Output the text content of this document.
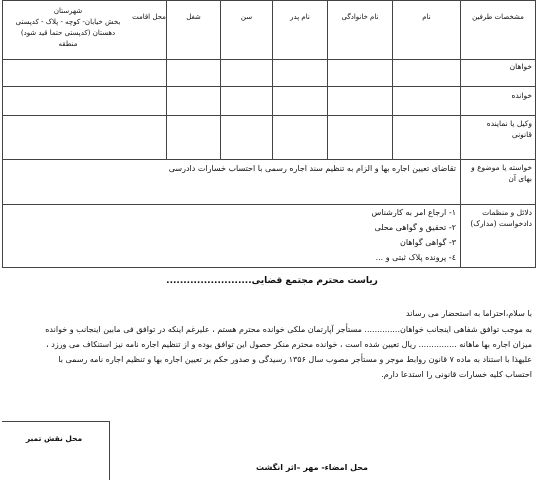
مشخصات طرفین
نام
نام خانوادگی
نام پدر
سن
شغل
محل اقامت
شهرستان
بخش خیابان- کوچه - پلاک - کدپستی
دهستان (کدپستی حتما قید شود)
منطقه
خواهان
خوانده
وکیل یا نماینده قانونی
خواسته یا موضوع و بهای آن
تقاضای تعیین اجاره بها و الزام به تنظیم سند اجاره رسمی با احتساب خسارات دادرسی
دلائل و منظمات دادخواست (مدارک)
۱- ارجاع امر به کارشناس
۲- تحقیق و گواهی محلی
۳- گواهی گواهان
٤- پرونده پلاک ثبتی و ...
ریاست محترم مجتمع قضایی.........................
با سلام،احتراما به استحضار می رساند
به موجب توافق شفاهی اینجانب خواهان.............. مستأجر آپارتمان ملکی خوانده محترم هستم ، علیرغم اینکه در توافق فی مابین اینجانب و خوانده
میزان اجاره بها ماهانه ............... ریال تعیین شده است ، خوانده محترم منکر حصول این توافق بوده و از تنظیم اجاره نامه نیز استنکاف می ورزد ،
علیهذا با استناد به ماده ۷ قانون روابط موجر و مستأجر مصوب سال ۱۳۵۶ رسیدگی و صدور حکم بر تعیین اجاره بها و تنظیم اجاره نامه رسمی با
احتساب کلیه خسارات قانونی را استدعا دارم.
محل نقش تمبر
محل امضاء- مهر –اثر انگشت
